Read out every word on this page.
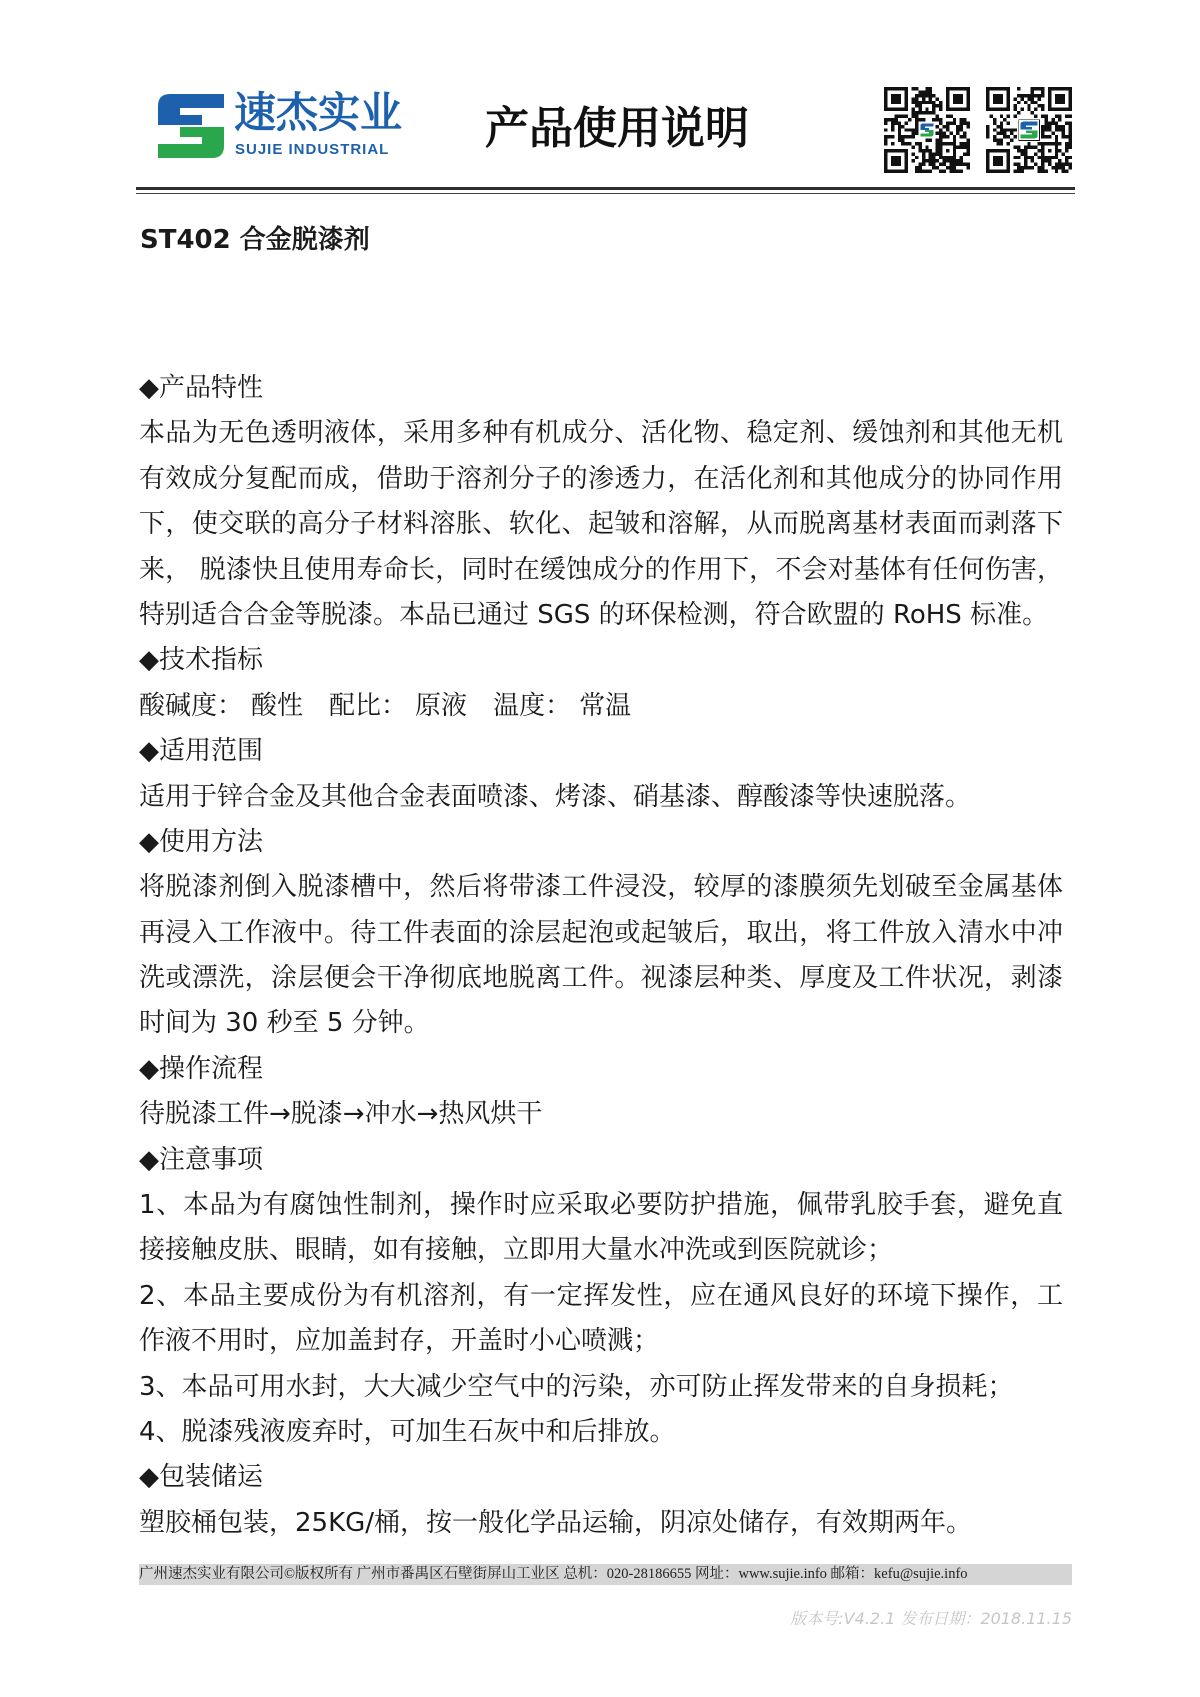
速杰实业
SUJIE INDUSTRIAL 产品使用说明
ST402 合金脱漆剂
◆产品特性
本品为无色透明液体，采用多种有机成分、活化物、稳定剂、缓蚀剂和其他无机
有效成分复配而成，借助于溶剂分子的渗透力，在活化剂和其他成分的协同作用
下，使交联的高分子材料溶胀、软化、起皱和溶解，从而脱离基材表面而剥落下
来， 脱漆快且使用寿命长，同时在缓蚀成分的作用下，不会对基体有任何伤害，
特别适合合金等脱漆。本品已通过 SGS 的环保检测，符合欧盟的 RoHS 标准。
◆技术指标
酸碱度： 酸性 配比： 原液 温度： 常温
◆适用范围
适用于锌合金及其他合金表面喷漆、烤漆、硝基漆、醇酸漆等快速脱落。
◆使用方法
将脱漆剂倒入脱漆槽中，然后将带漆工件浸没，较厚的漆膜须先划破至金属基体
再浸入工作液中。待工件表面的涂层起泡或起皱后，取出，将工件放入清水中冲
洗或漂洗，涂层便会干净彻底地脱离工件。视漆层种类、厚度及工件状况，剥漆
时间为 30 秒至 5 分钟。
◆操作流程
待脱漆工件→脱漆→冲水→热风烘干
◆注意事项
1、本品为有腐蚀性制剂，操作时应采取必要防护措施，佩带乳胶手套，避免直
接接触皮肤、眼睛，如有接触，立即用大量水冲洗或到医院就诊；
2、本品主要成份为有机溶剂，有一定挥发性，应在通风良好的环境下操作，工
作液不用时，应加盖封存，开盖时小心喷溅；
3、本品可用水封，大大减少空气中的污染，亦可防止挥发带来的自身损耗；
4、脱漆残液废弃时，可加生石灰中和后排放。
◆包装储运
塑胶桶包装，25KG/桶，按一般化学品运输，阴凉处储存，有效期两年。
广州速杰实业有限公司©版权所有 广州市番禺区石壁街屏山工业区 总机：020-28186655 网址：www.sujie.info 邮箱：kefu@sujie.info
版本号:V4.2.1 发布日期：2018.11.15
